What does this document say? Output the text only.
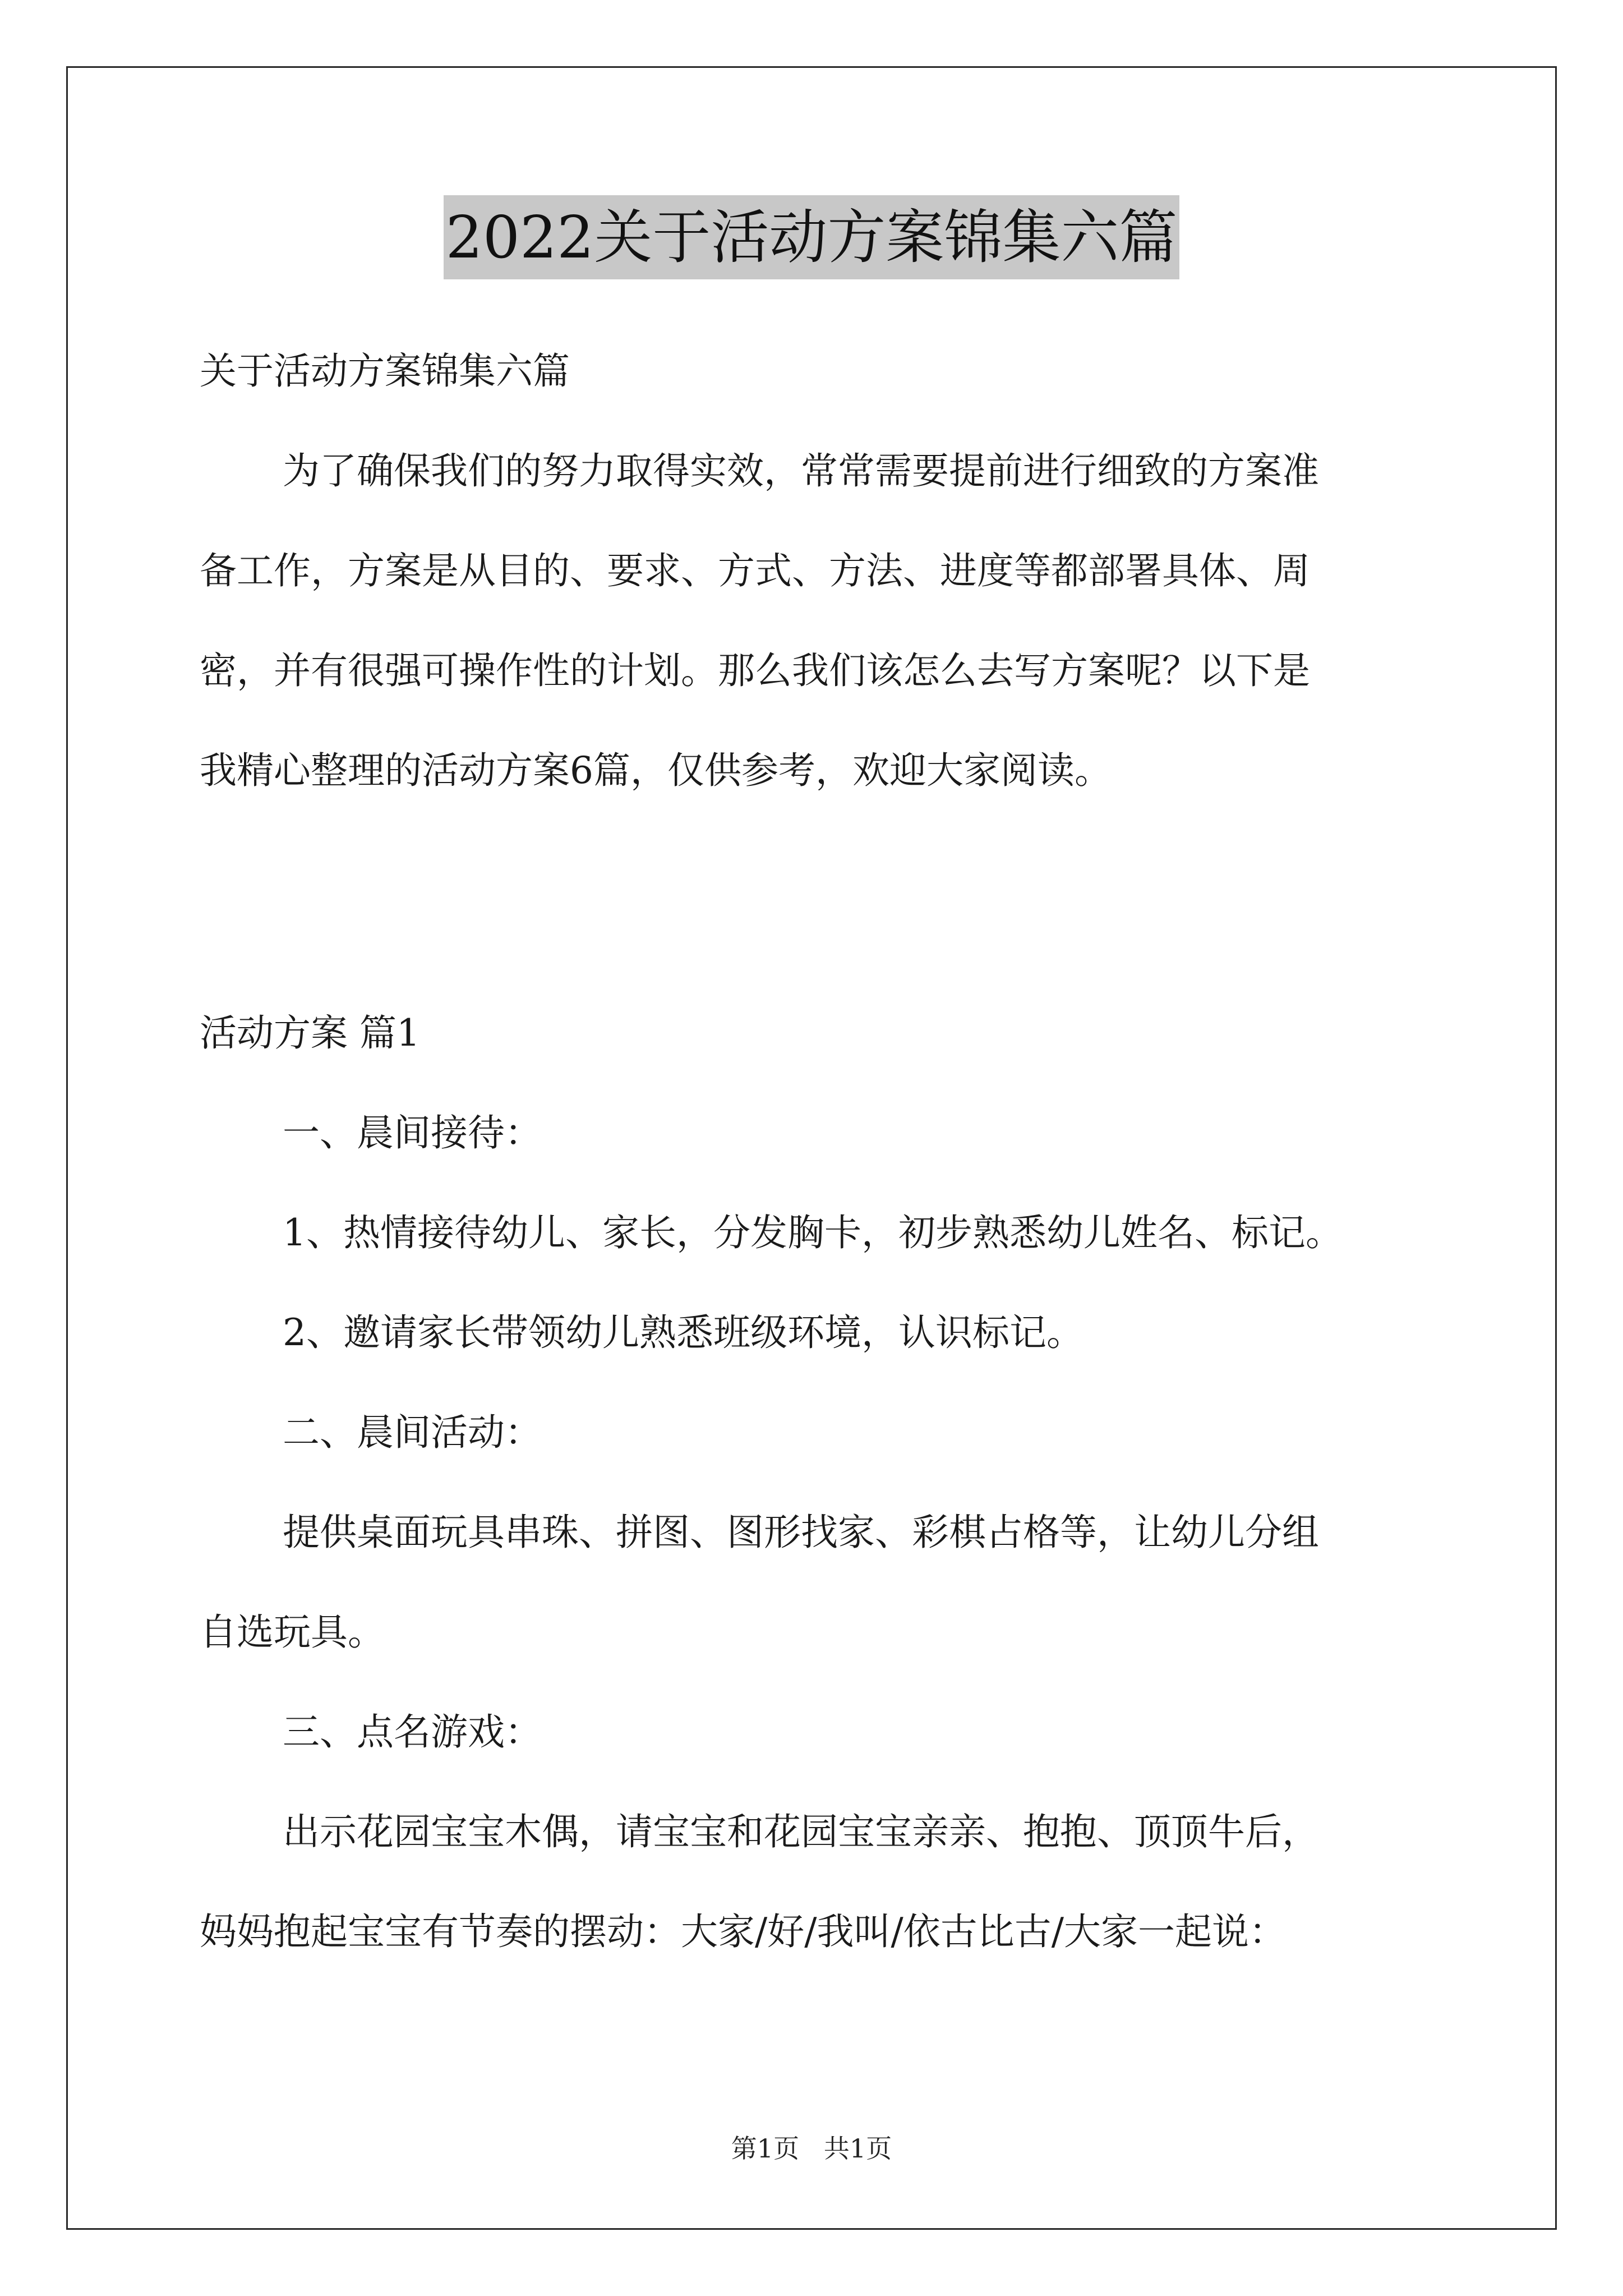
2022关于活动方案锦集六篇
关于活动方案锦集六篇
为了确保我们的努力取得实效，常常需要提前进行细致的方案准
备工作，方案是从目的、要求、方式、方法、进度等都部署具体、周
密，并有很强可操作性的计划。那么我们该怎么去写方案呢？以下是
我精心整理的活动方案6篇，仅供参考，欢迎大家阅读。
活动方案 篇1
一、晨间接待：
1、热情接待幼儿、家长，分发胸卡，初步熟悉幼儿姓名、标记。
2、邀请家长带领幼儿熟悉班级环境，认识标记。
二、晨间活动：
提供桌面玩具串珠、拼图、图形找家、彩棋占格等，让幼儿分组
自选玩具。
三、点名游戏：
出示花园宝宝木偶，请宝宝和花园宝宝亲亲、抱抱、顶顶牛后，
妈妈抱起宝宝有节奏的摆动：大家/好/我叫/依古比古/大家一起说：
第1页   共1页
